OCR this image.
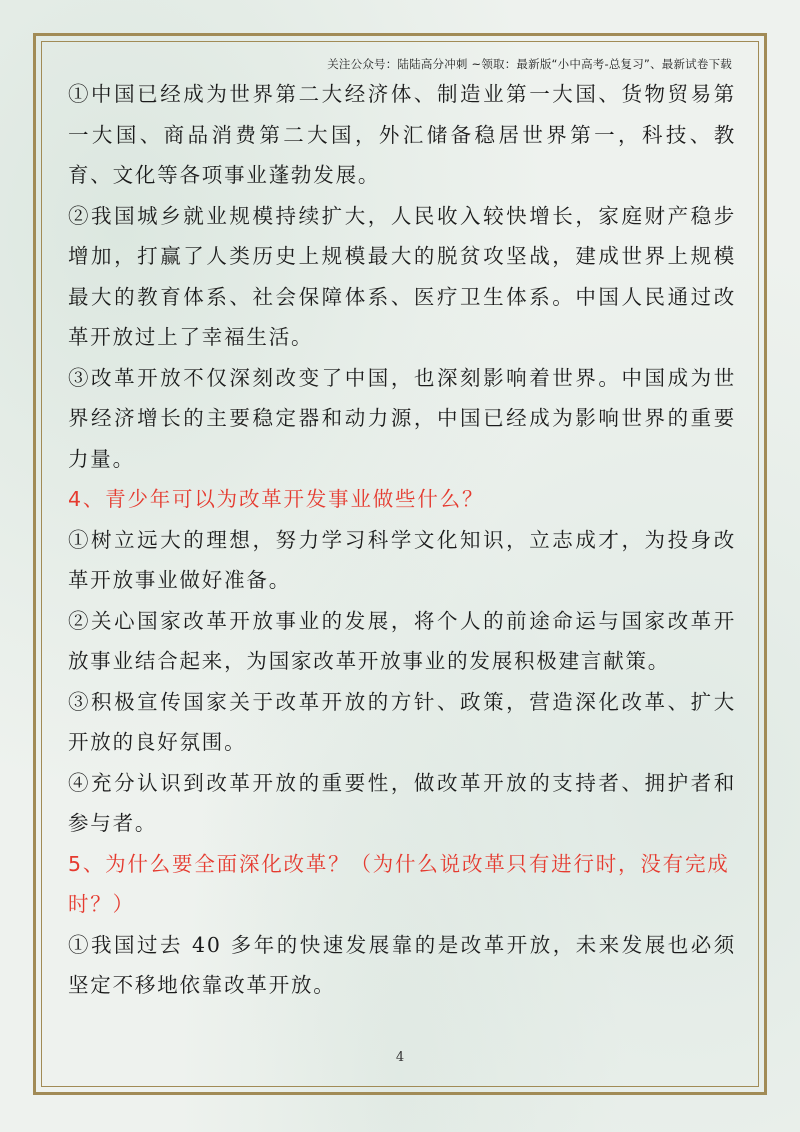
关注公众号：陆陆高分冲刺 ~领取：最新版“小中高考-总复习”、最新试卷下载

①中国已经成为世界第二大经济体、制造业第一大国、货物贸易第一大国、商品消费第二大国，外汇储备稳居世界第一，科技、教育、文化等各项事业蓬勃发展。

②我国城乡就业规模持续扩大，人民收入较快增长，家庭财产稳步增加，打赢了人类历史上规模最大的脱贫攻坚战，建成世界上规模最大的教育体系、社会保障体系、医疗卫生体系。中国人民通过改革开放过上了幸福生活。

③改革开放不仅深刻改变了中国，也深刻影响着世界。中国成为世界经济增长的主要稳定器和动力源，中国已经成为影响世界的重要力量。

4、青少年可以为改革开发事业做些什么？

①树立远大的理想，努力学习科学文化知识，立志成才，为投身改革开放事业做好准备。

②关心国家改革开放事业的发展，将个人的前途命运与国家改革开放事业结合起来，为国家改革开放事业的发展积极建言献策。

③积极宣传国家关于改革开放的方针、政策，营造深化改革、扩大开放的良好氛围。

④充分认识到改革开放的重要性，做改革开放的支持者、拥护者和参与者。

5、为什么要全面深化改革？（为什么说改革只有进行时，没有完成时？）

①我国过去 40 多年的快速发展靠的是改革开放，未来发展也必须坚定不移地依靠改革开放。

4
